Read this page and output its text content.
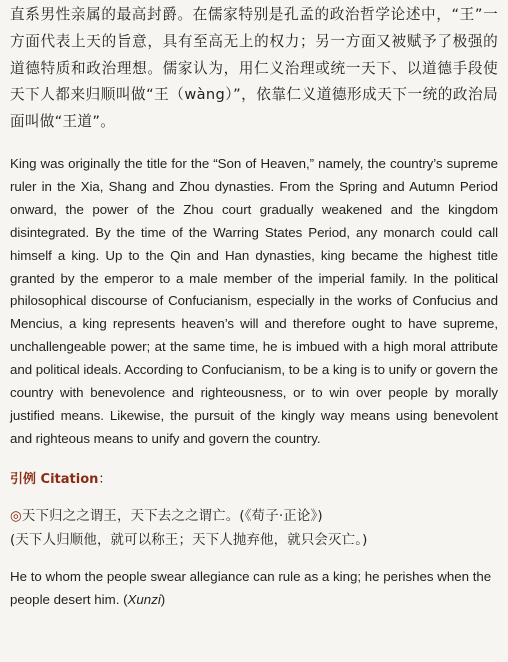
直系男性亲属的最高封爵。在儒家特别是孔孟的政治哲学论述中，“王”一方面代表上天的旨意，具有至高无上的权力；另一方面又被赋予了极强的道德特质和政治理想。儒家认为，用仁义治理或统一天下、以道德手段使天下人都来归顺叫做“王（wàng）”，依靠仁义道德形成天下一统的政治局面叫做“王道”。

King was originally the title for the “Son of Heaven,” namely, the country’s supreme ruler in the Xia, Shang and Zhou dynasties. From the Spring and Autumn Period onward, the power of the Zhou court gradually weakened and the kingdom disintegrated. By the time of the Warring States Period, any monarch could call himself a king. Up to the Qin and Han dynasties, king became the highest title granted by the emperor to a male member of the imperial family. In the political philosophical discourse of Confucianism, especially in the works of Confucius and Mencius, a king represents heaven’s will and therefore ought to have supreme, unchallengeable power; at the same time, he is imbued with a high moral attribute and political ideals. According to Confucianism, to be a king is to unify or govern the country with benevolence and righteousness, or to win over people by morally justified means. Likewise, the pursuit of the kingly way means using benevolent and righteous means to unify and govern the country.

引例 Citation：

◎天下归之之谓王，天下去之之谓亡。(《荀子·正论》)

(天下人归顺他，就可以称王；天下人抛弃他，就只会灭亡。)

He to whom the people swear allegiance can rule as a king; he perishes when the people desert him. (Xunzi)
